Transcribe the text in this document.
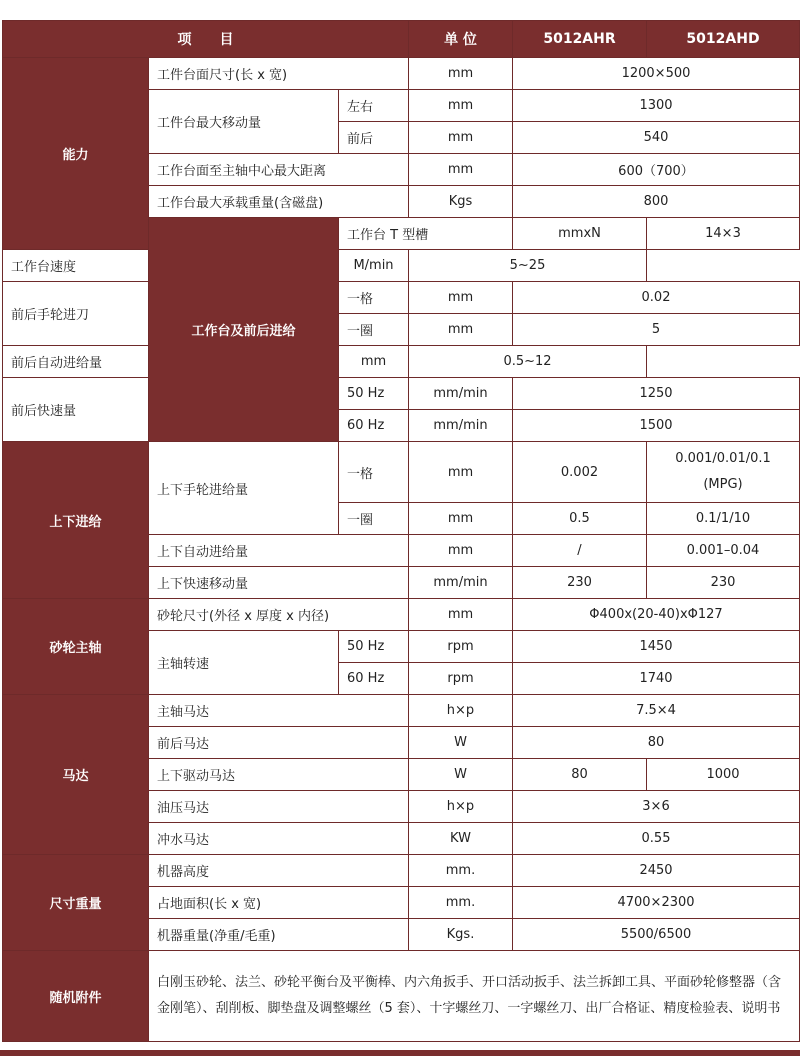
项　　目			单 位	5012AHR	5012AHD
能力	工件台面尺寸(长 x 宽)		mm	1200×500	
	工件台最大移动量	左右	mm	1300	
		前后	mm	540	
	工作台面至主轴中心最大距离		mm	600（700）	
	工作台最大承载重量(含磁盘)		Kgs	800	
	工作台及前后进给	工作台 T 型槽		mmxN	14×3
工作台速度		M/min	5~25		
前后手轮进刀		一格	mm	0.02	
		一圈	mm	5	
前后自动进给量		mm	0.5~12		
前后快速量		50 Hz	mm/min	1250	
		60 Hz	mm/min	1500	
上下进给	上下手轮进给量	一格	mm	0.002	0.001/0.01/0.1
(MPG)

		一圈	mm	0.5	0.1/1/10
	上下自动进给量		mm	/	0.001–0.04
	上下快速移动量		mm/min	230	230
砂轮主轴	砂轮尺寸(外径 x 厚度 x 内径)		mm	Φ400x(20-40)xΦ127	
	主轴转速	50 Hz	rpm	1450	
		60 Hz	rpm	1740	
马达	主轴马达		h×p	7.5×4	
	前后马达		W	80	
	上下驱动马达		W	80	1000
	油压马达		h×p	3×6	
	冲水马达		KW	0.55	
尺寸重量	机器高度		mm.	2450	
	占地面积(长 x 宽)		mm.	4700×2300	
	机器重量(净重/毛重)		Kgs.	5500/6500	
随机附件	白刚玉砂轮、法兰、砂轮平衡台及平衡棒、内六角扳手、开口活动扳手、法兰拆卸工具、平面砂轮修整器（含金刚笔）、刮削板、脚垫盘及调整螺丝（5 套）、十字螺丝刀、一字螺丝刀、出厂合格证、精度检验表、说明书				
